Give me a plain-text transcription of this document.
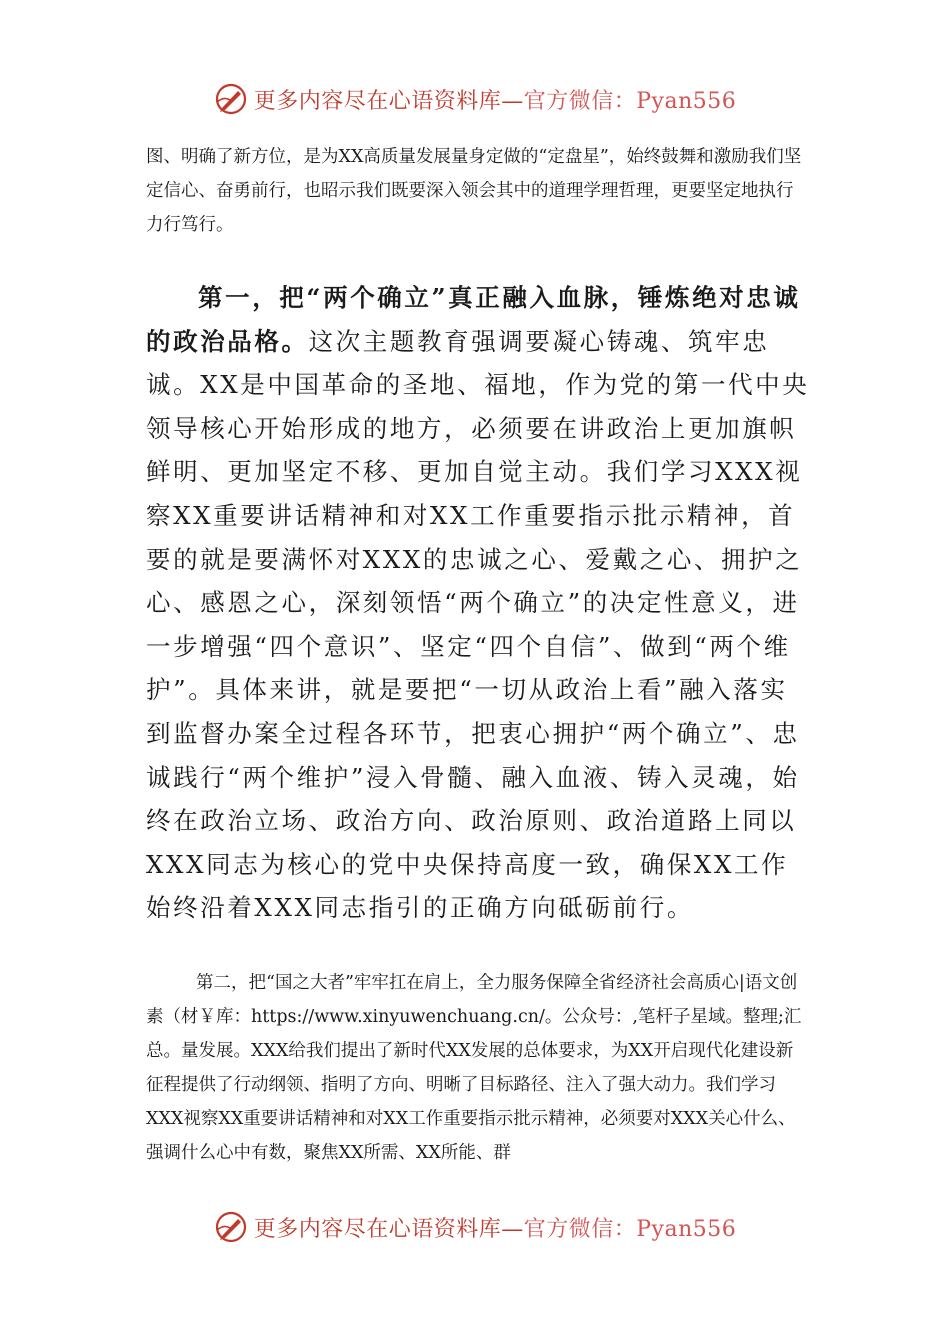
更多内容尽在心语资料库—官方微信：Pyan556

图、明确了新方位，是为XX高质量发展量身定做的“定盘星”，始终鼓舞和激励我们坚定信心、奋勇前行，也昭示我们既要深入领会其中的道理学理哲理，更要坚定地执行力行笃行。

第一，把“两个确立”真正融入血脉，锤炼绝对忠诚的政治品格。这次主题教育强调要凝心铸魂、筑牢忠诚。XX是中国革命的圣地、福地，作为党的第一代中央领导核心开始形成的地方，必须要在讲政治上更加旗帜鲜明、更加坚定不移、更加自觉主动。我们学习XXX视察XX重要讲话精神和对XX工作重要指示批示精神，首要的就是要满怀对XXX的忠诚之心、爱戴之心、拥护之心、感恩之心，深刻领悟“两个确立”的决定性意义，进一步增强“四个意识”、坚定“四个自信”、做到“两个维护”。具体来讲，就是要把“一切从政治上看”融入落实到监督办案全过程各环节，把衷心拥护“两个确立”、忠诚践行“两个维护”浸入骨髓、融入血液、铸入灵魂，始终在政治立场、政治方向、政治原则、政治道路上同以XXX同志为核心的党中央保持高度一致，确保XX工作始终沿着XXX同志指引的正确方向砥砺前行。

第二，把“国之大者”牢牢扛在肩上，全力服务保障全省经济社会高质心|语文创素（材￥库：https://www.xinyuwenchuang.cn/。公众号：,笔杆子星域。整理;汇总。量发展。XXX给我们提出了新时代XX发展的总体要求，为XX开启现代化建设新征程提供了行动纲领、指明了方向、明晰了目标路径、注入了强大动力。我们学习XXX视察XX重要讲话精神和对XX工作重要指示批示精神，必须要对XXX关心什么、强调什么心中有数，聚焦XX所需、XX所能、群

更多内容尽在心语资料库—官方微信：Pyan556
